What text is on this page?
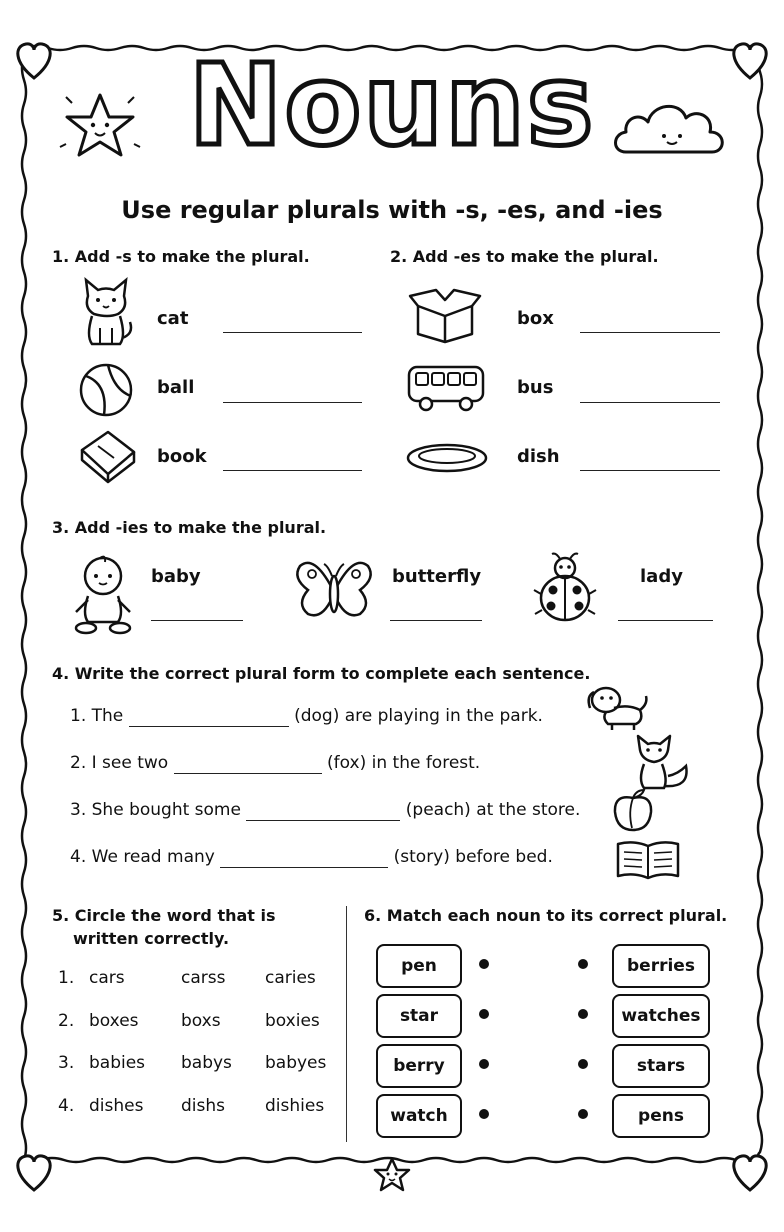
Nouns
Use regular plurals with -s, -es, and -ies
1. Add -s to make the plural.
cat
ball
book
2. Add -es to make the plural.
box
bus
dish
3. Add -ies to make the plural.
baby	butterfly	lady
4. Write the correct plural form to complete each sentence.
1. The	(dog) are playing in the park.
2. I see two	(fox) in the forest.
3. She bought some	(peach) at the store.
4. We read many	(story) before bed.
5. Circle the word that is
written correctly.
1. cars	carss caries
2. boxes boxs	boxies
3. babies babys babyes
4. dishes dishs dishies
6. Match each noun to its correct plural.
pen
star
berry
watch
berries
watches
stars
pens
